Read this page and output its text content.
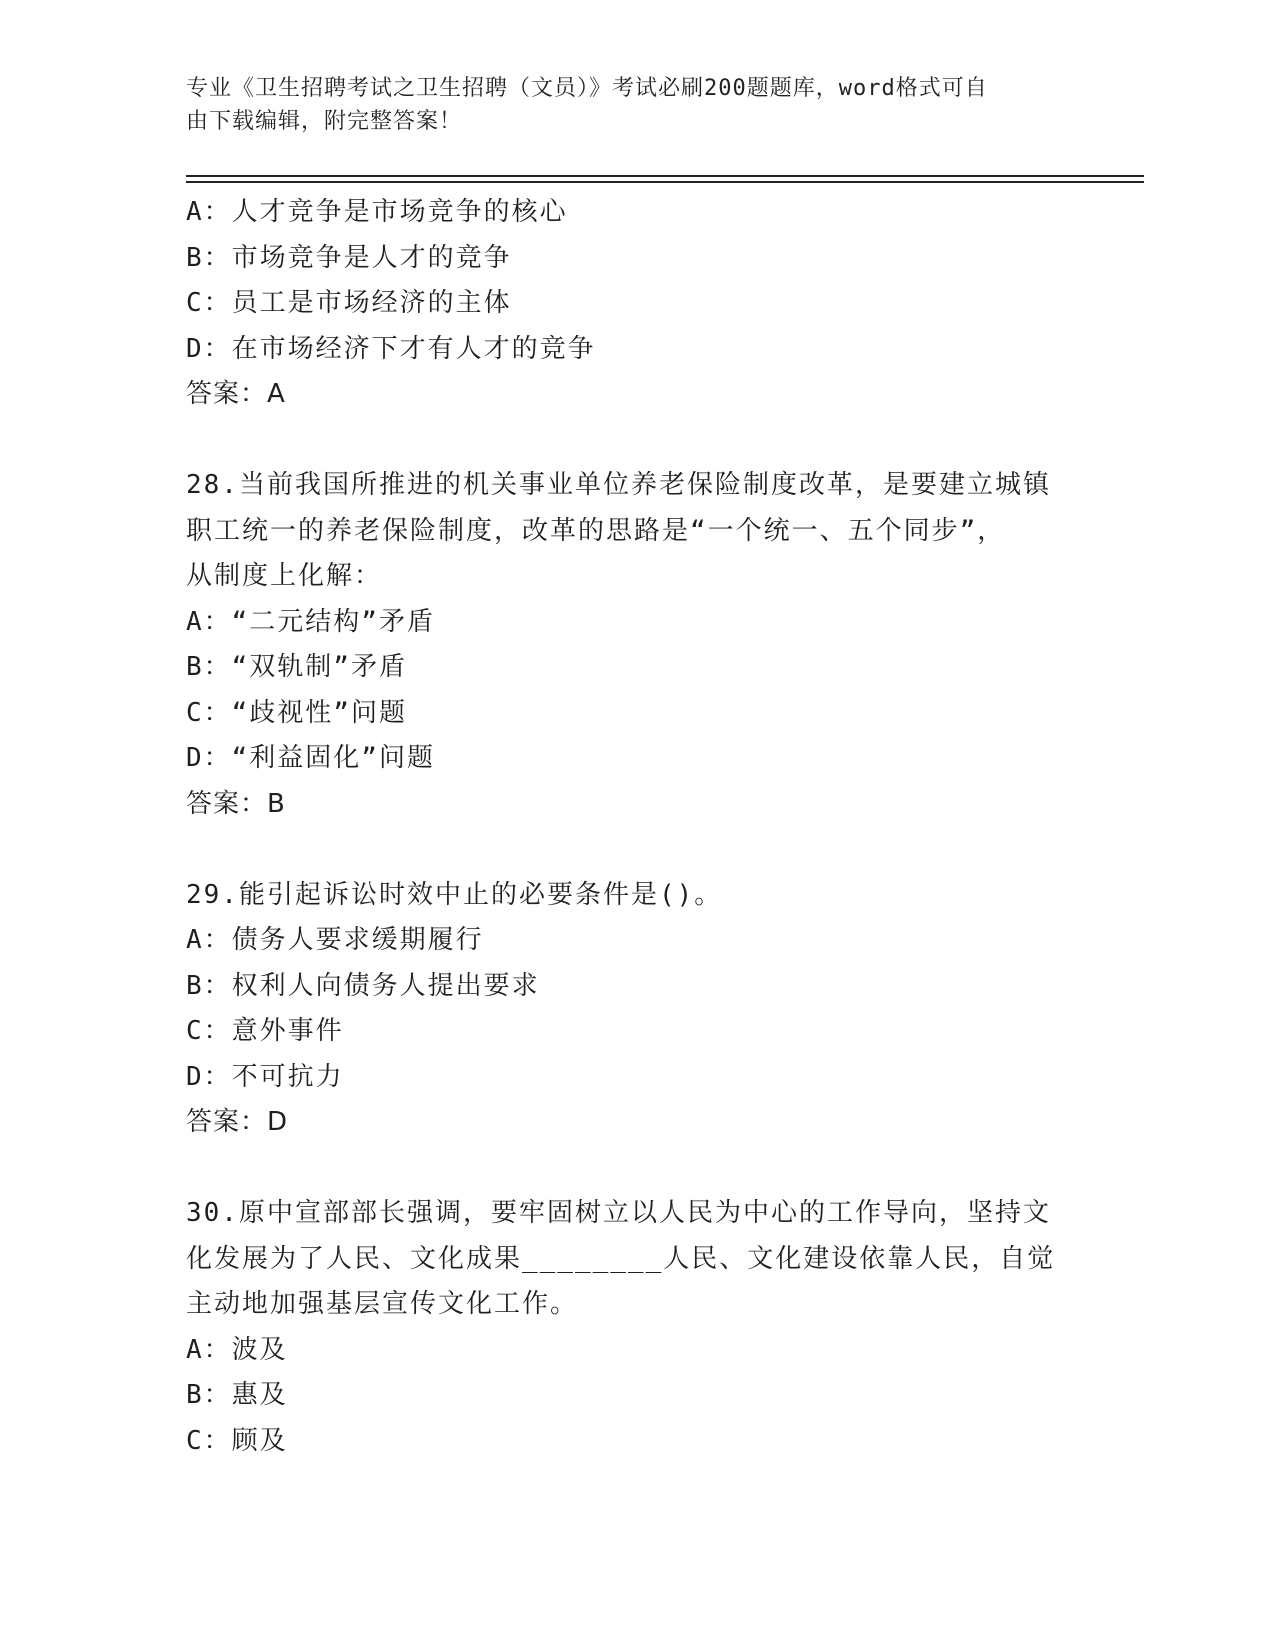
专业《卫生招聘考试之卫生招聘（文员）》考试必刷200题题库，word格式可自
由下载编辑，附完整答案！
A：人才竞争是市场竞争的核心
B：市场竞争是人才的竞争
C：员工是市场经济的主体
D：在市场经济下才有人才的竞争
答案：A
28.当前我国所推进的机关事业单位养老保险制度改革，是要建立城镇
职工统一的养老保险制度，改革的思路是“一个统一、五个同步”，
从制度上化解：
A：“二元结构”矛盾
B：“双轨制”矛盾
C：“歧视性”问题
D：“利益固化”问题
答案：B
29.能引起诉讼时效中止的必要条件是()。
A：债务人要求缓期履行
B：权利人向债务人提出要求
C：意外事件
D：不可抗力
答案：D
30.原中宣部部长强调，要牢固树立以人民为中心的工作导向，坚持文
化发展为了人民、文化成果________人民、文化建设依靠人民，自觉
主动地加强基层宣传文化工作。
A：波及
B：惠及
C：顾及
